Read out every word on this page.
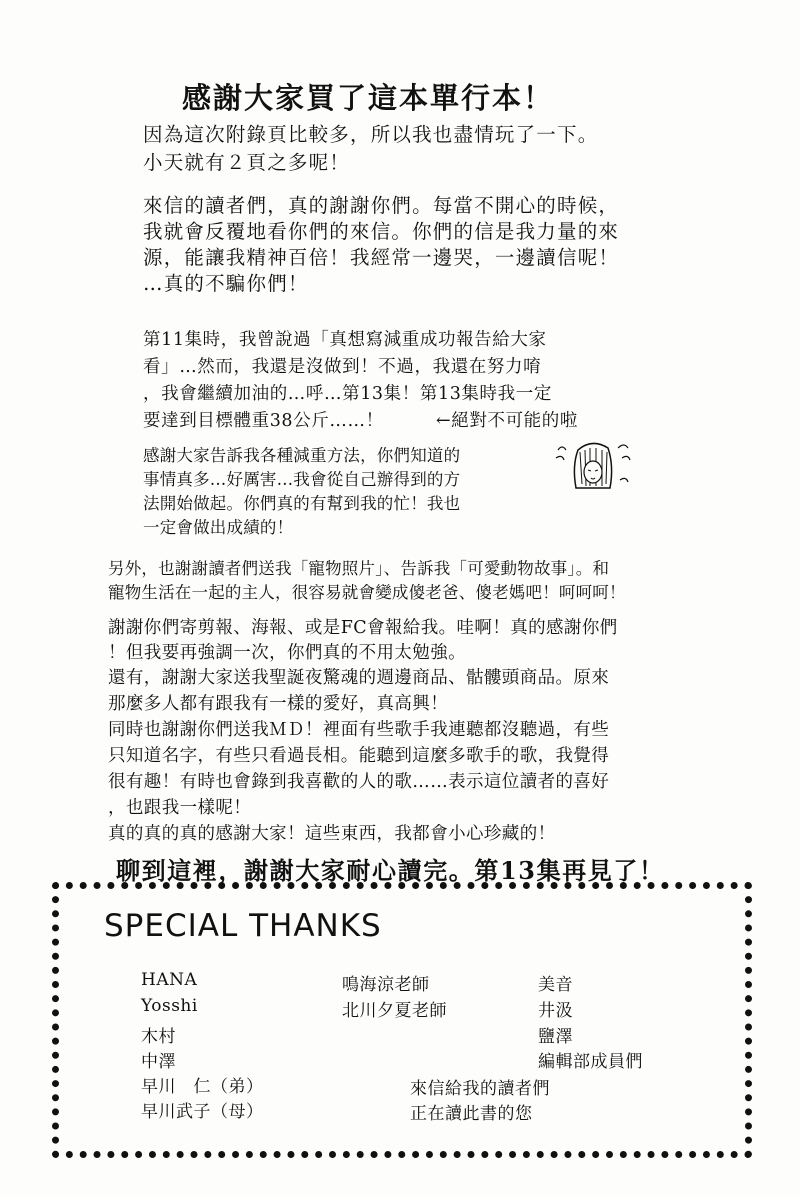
感謝大家買了這本單行本！
因為這次附錄頁比較多，所以我也盡情玩了一下。
小天就有２頁之多呢！
來信的讀者們，真的謝謝你們。每當不開心的時候，
我就會反覆地看你們的來信。你們的信是我力量的來
源，能讓我精神百倍！我經常一邊哭，一邊讀信呢！
…真的不騙你們！
第11集時，我曾說過「真想寫減重成功報告給大家
看」…然而，我還是沒做到！不過，我還在努力唷
，我會繼續加油的…呼…第13集！第13集時我一定
要達到目標體重38公斤……！	←絕對不可能的啦
感謝大家告訴我各種減重方法，你們知道的
事情真多…好厲害…我會從自己辦得到的方
法開始做起。你們真的有幫到我的忙！我也
一定會做出成績的！
另外，也謝謝讀者們送我「寵物照片」、告訴我「可愛動物故事」。和
寵物生活在一起的主人，很容易就會變成傻老爸、傻老媽吧！呵呵呵！
謝謝你們寄剪報、海報、或是FC會報給我。哇啊！真的感謝你們
！但我要再強調一次，你們真的不用太勉強。
還有，謝謝大家送我聖誕夜驚魂的週邊商品、骷髏頭商品。原來
那麼多人都有跟我有一樣的愛好，真高興！
同時也謝謝你們送我ＭＤ！裡面有些歌手我連聽都沒聽過，有些
只知道名字，有些只看過長相。能聽到這麼多歌手的歌，我覺得
很有趣！有時也會錄到我喜歡的人的歌……表示這位讀者的喜好
，也跟我一樣呢！
真的真的真的感謝大家！這些東西，我都會小心珍藏的！
聊到這裡，謝謝大家耐心讀完。第13集再見了！
SPECIAL THANKS
HANA
Yosshi
木村
中澤
早川　仁（弟）
早川武子（母）
鳴海涼老師
北川夕夏老師
美音
井汲
鹽澤
編輯部成員們
來信給我的讀者們
正在讀此書的您
